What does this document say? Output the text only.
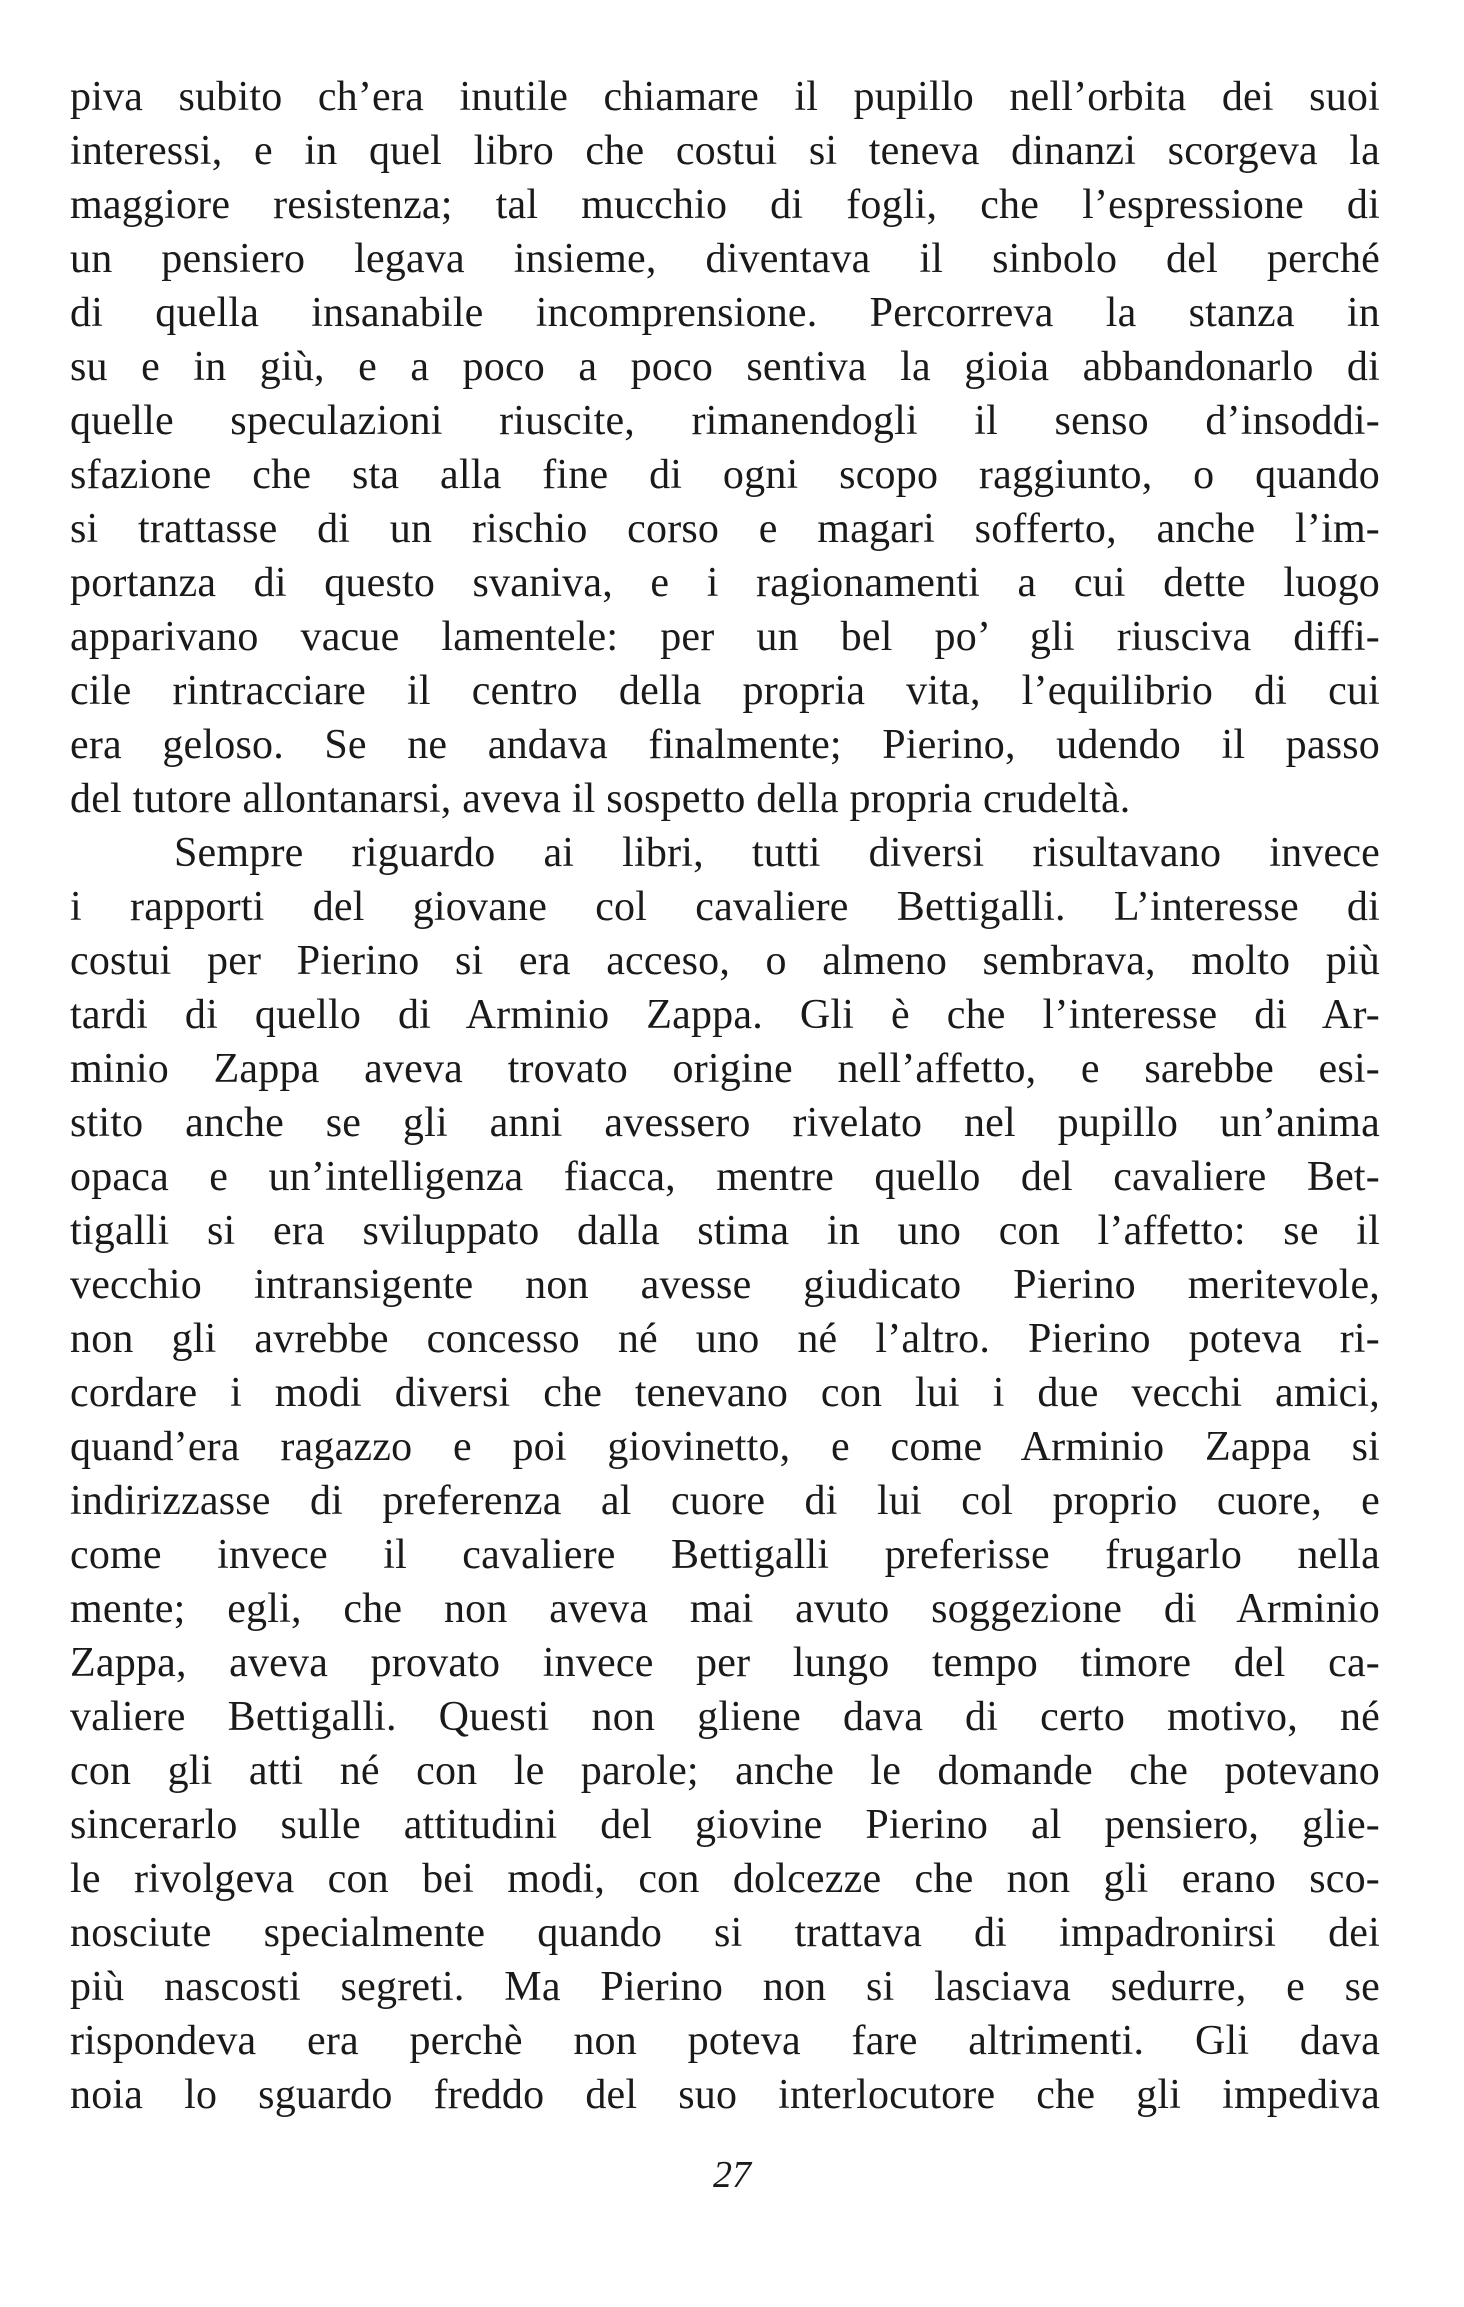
piva subito ch’era inutile chiamare il pupillo nell’orbita dei suoi
interessi, e in quel libro che costui si teneva dinanzi scorgeva la
maggiore resistenza; tal mucchio di fogli, che l’espressione di
un pensiero legava insieme, diventava il sinbolo del perché
di quella insanabile incomprensione. Percorreva la stanza in
su e in giù, e a poco a poco sentiva la gioia abbandonarlo di
quelle speculazioni riuscite, rimanendogli il senso d’insoddi-
sfazione che sta alla fine di ogni scopo raggiunto, o quando
si trattasse di un rischio corso e magari sofferto, anche l’im-
portanza di questo svaniva, e i ragionamenti a cui dette luogo
apparivano vacue lamentele: per un bel po’ gli riusciva diffi-
cile rintracciare il centro della propria vita, l’equilibrio di cui
era geloso. Se ne andava finalmente; Pierino, udendo il passo
del tutore allontanarsi, aveva il sospetto della propria crudeltà.
Sempre riguardo ai libri, tutti diversi risultavano invece
i rapporti del giovane col cavaliere Bettigalli. L’interesse di
costui per Pierino si era acceso, o almeno sembrava, molto più
tardi di quello di Arminio Zappa. Gli è che l’interesse di Ar-
minio Zappa aveva trovato origine nell’affetto, e sarebbe esi-
stito anche se gli anni avessero rivelato nel pupillo un’anima
opaca e un’intelligenza fiacca, mentre quello del cavaliere Bet-
tigalli si era sviluppato dalla stima in uno con l’affetto: se il
vecchio intransigente non avesse giudicato Pierino meritevole,
non gli avrebbe concesso né uno né l’altro. Pierino poteva ri-
cordare i modi diversi che tenevano con lui i due vecchi amici,
quand’era ragazzo e poi giovinetto, e come Arminio Zappa si
indirizzasse di preferenza al cuore di lui col proprio cuore, e
come invece il cavaliere Bettigalli preferisse frugarlo nella
mente; egli, che non aveva mai avuto soggezione di Arminio
Zappa, aveva provato invece per lungo tempo timore del ca-
valiere Bettigalli. Questi non gliene dava di certo motivo, né
con gli atti né con le parole; anche le domande che potevano
sincerarlo sulle attitudini del giovine Pierino al pensiero, glie-
le rivolgeva con bei modi, con dolcezze che non gli erano sco-
nosciute specialmente quando si trattava di impadronirsi dei
più nascosti segreti. Ma Pierino non si lasciava sedurre, e se
rispondeva era perchè non poteva fare altrimenti. Gli dava
noia lo sguardo freddo del suo interlocutore che gli impediva
27
